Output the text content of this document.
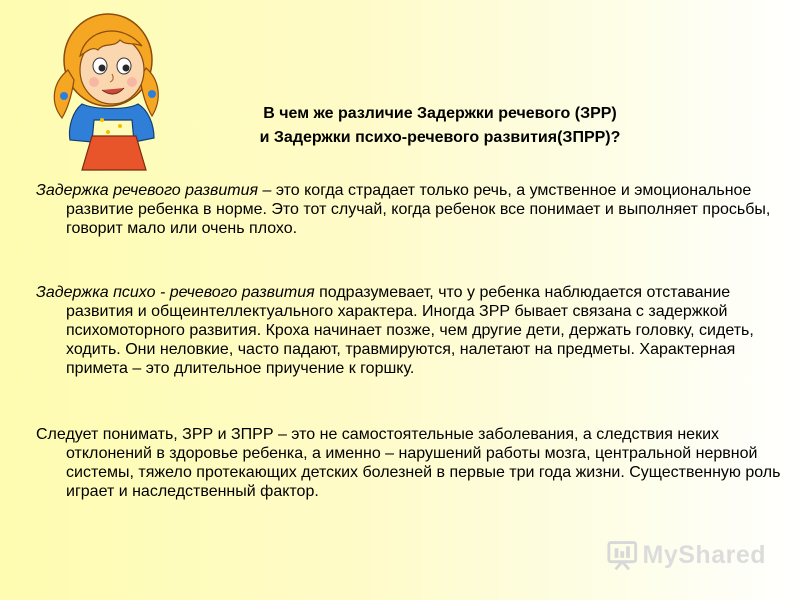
В чем же различие Задержки речевого (ЗРР)
и Задержки психо-речевого развития(ЗПРР)?
Задержка речевого развития – это когда страдает только речь, а умственное и эмоциональное развитие ребенка в норме. Это тот случай, когда ребенок все понимает и выполняет просьбы, говорит мало или очень плохо.
Задержка психо - речевого развития подразумевает, что у ребенка наблюдается отставание развития и общеинтеллектуального характера. Иногда ЗРР бывает связана с задержкой психомоторного развития. Кроха начинает позже, чем другие дети, держать головку, сидеть, ходить. Они неловкие, часто падают, травмируются, налетают на предметы. Характерная примета – это длительное приучение к горшку.
Следует понимать, ЗРР и ЗПРР – это не самостоятельные заболевания, а следствия неких отклонений в здоровье ребенка, а именно – нарушений работы мозга, центральной нервной системы, тяжело протекающих детских болезней в первые три года жизни. Существенную роль играет и наследственный фактор.
MyShared
